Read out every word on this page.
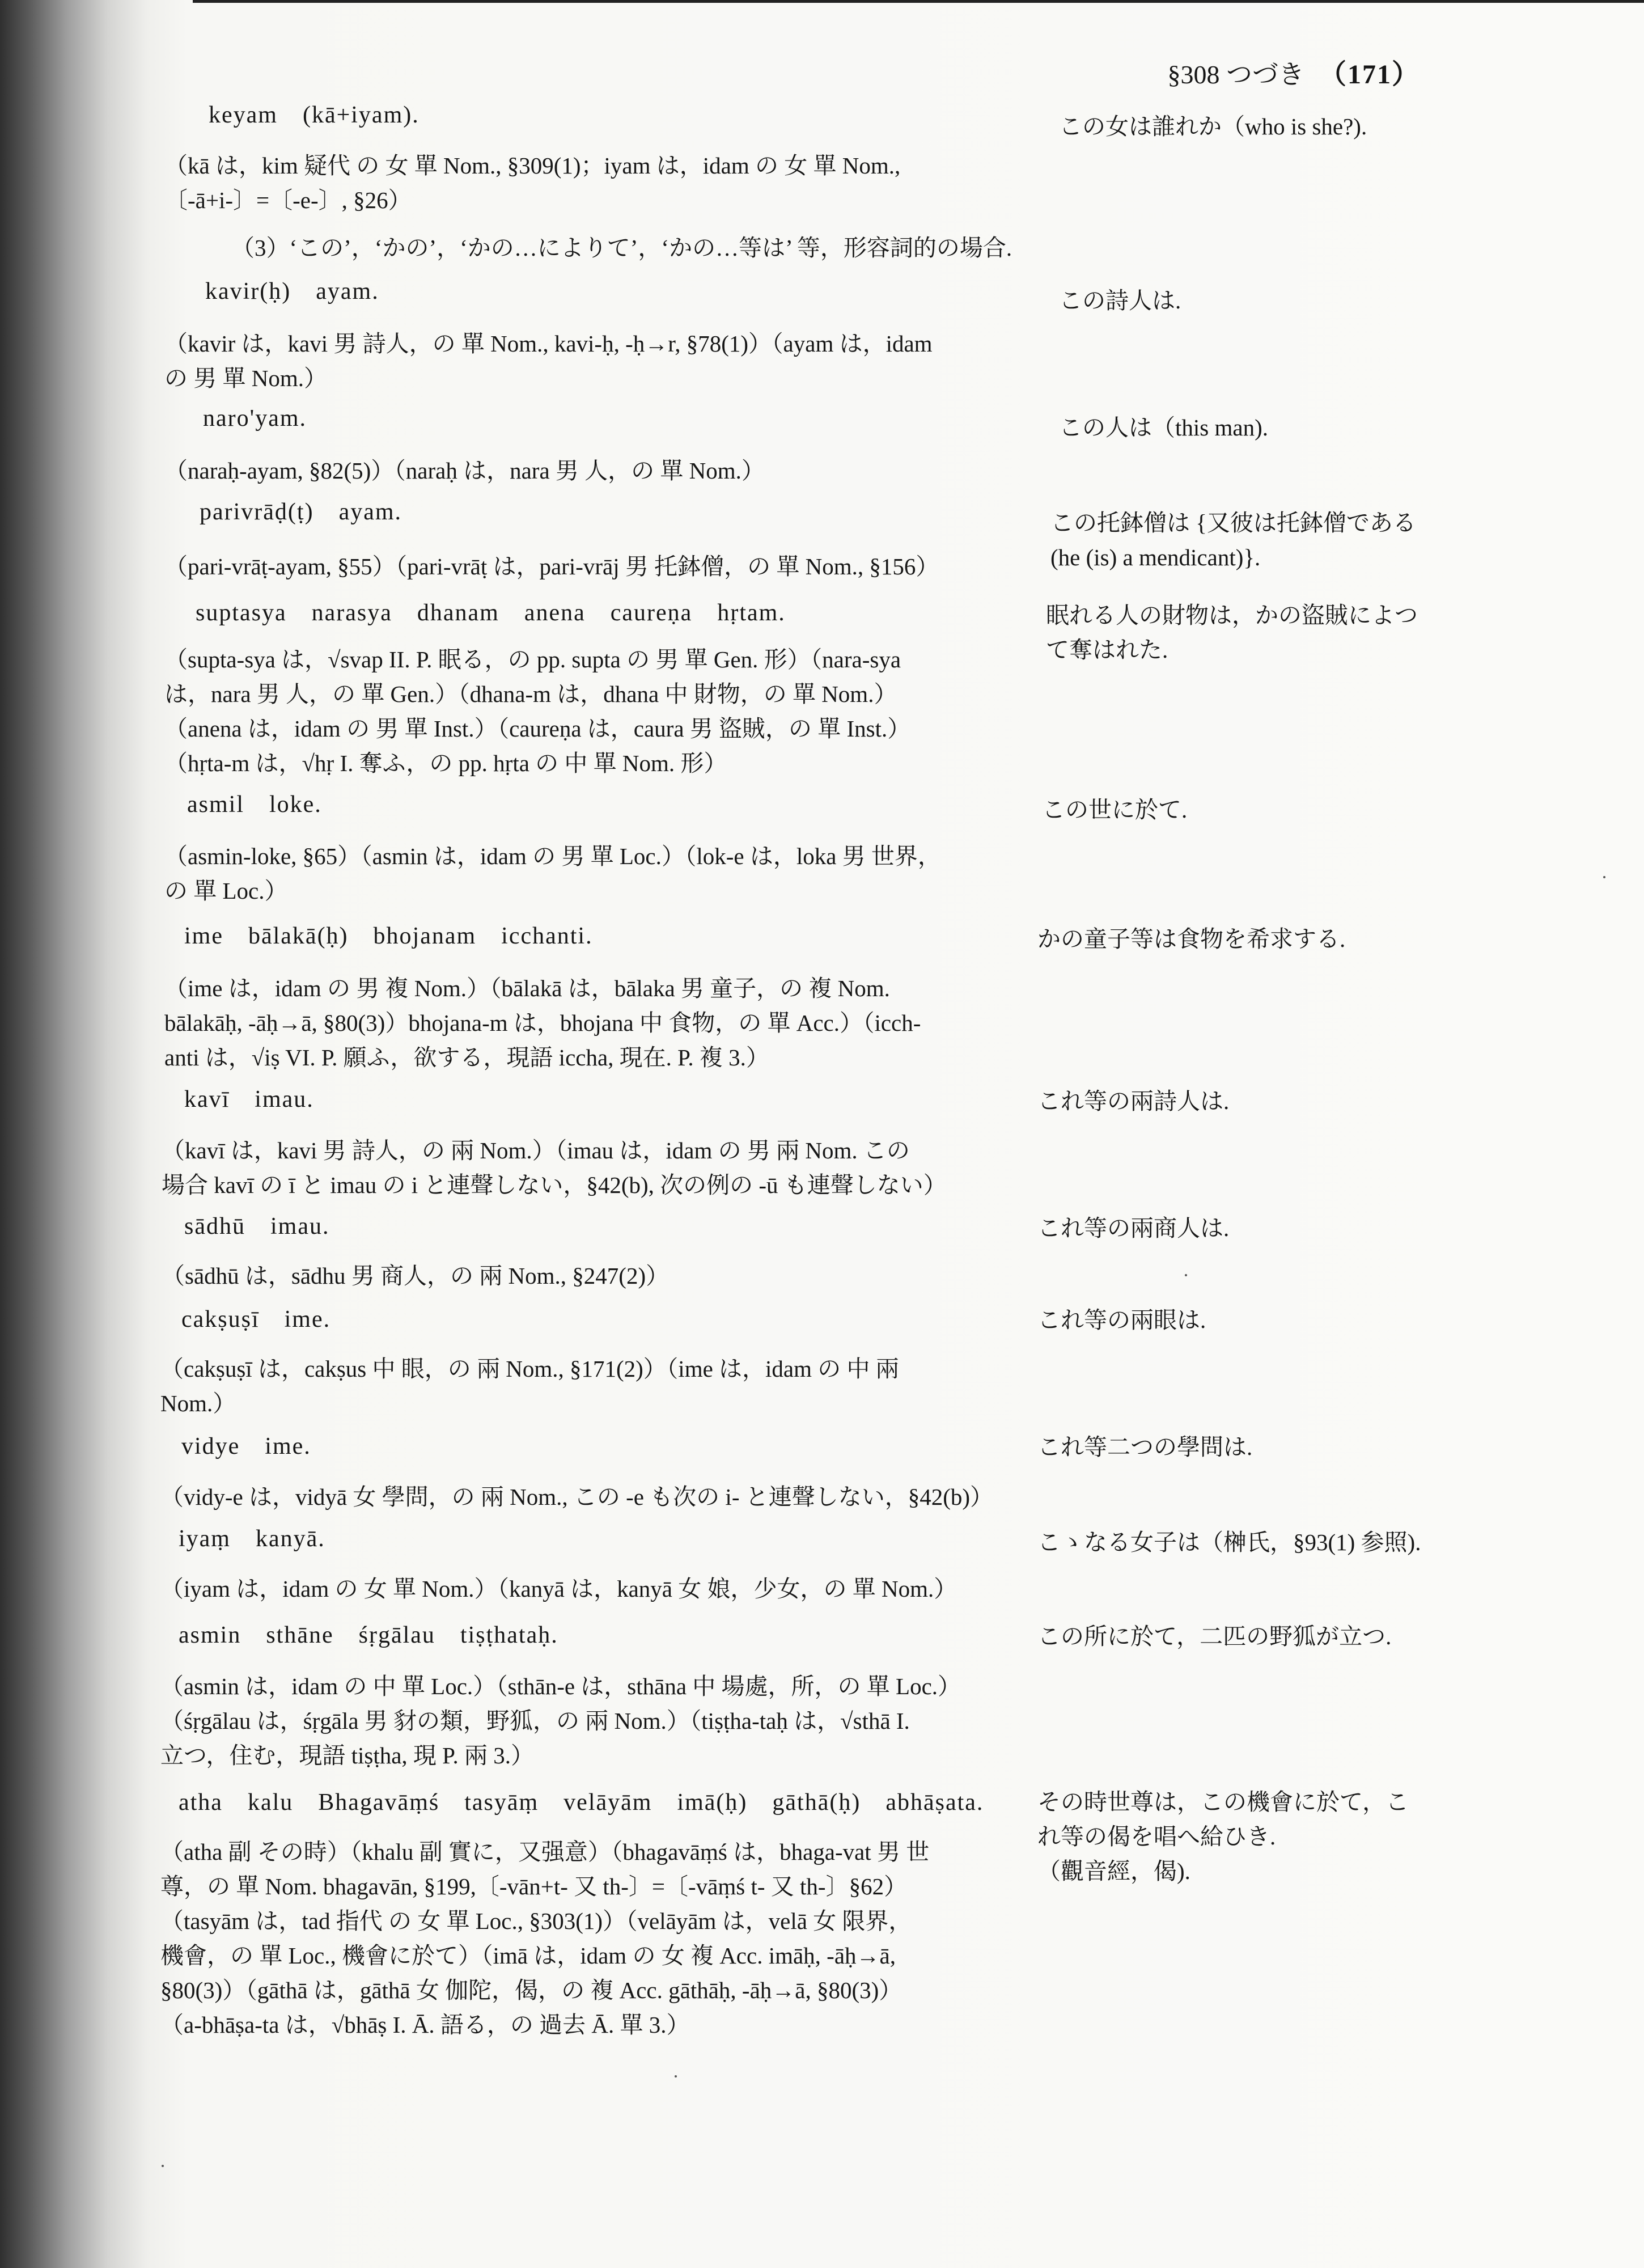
§308 つづき （171）
keyam　(kā+iyam).
（kā は，kim 疑代 の 女 單 Nom., §309(1)；iyam は，idam の 女 單 Nom.,
〔-ā+i-〕=〔-e-〕, §26）
この女は誰れか（who is she?).
（3）‘この’，‘かの’，‘かの…によりて’，‘かの…等は’ 等，形容詞的の場合.
kavir(ḥ)　ayam.
（kavir は，kavi 男 詩人，の 單 Nom., kavi-ḥ, -ḥ→r, §78(1)）（ayam は，idam
の 男 單 Nom.）
この詩人は.
naro'yam.
（naraḥ-ayam, §82(5)）（naraḥ は，nara 男 人，の 單 Nom.）
この人は（this man).
parivrāḍ(ṭ)　ayam.
（pari-vrāṭ-ayam, §55）（pari-vrāṭ は，pari-vrāj 男 托鉢僧，の 單 Nom., §156）
この托鉢僧は {又彼は托鉢僧である
(he (is) a mendicant)}.
suptasya　narasya　dhanam　anena　caureṇa　hṛtam.
（supta-sya は，√svap II. P. 眠る，の pp. supta の 男 單 Gen. 形）（nara-sya
は，nara 男 人，の 單 Gen.）（dhana-m は，dhana 中 財物，の 單 Nom.）
（anena は，idam の 男 單 Inst.）（caureṇa は，caura 男 盜賊，の 單 Inst.）
（hṛta-m は，√hṛ I. 奪ふ，の pp. hṛta の 中 單 Nom. 形）
眠れる人の財物は，かの盜賊によつ
て奪はれた.
asmil　loke.
（asmin-loke, §65）（asmin は，idam の 男 單 Loc.）（lok-e は，loka 男 世界，
の 單 Loc.）
この世に於て.
ime　bālakā(ḥ)　bhojanam　icchanti.
（ime は，idam の 男 複 Nom.）（bālakā は，bālaka 男 童子，の 複 Nom.
bālakāḥ, -āḥ→ā, §80(3)）bhojana-m は，bhojana 中 食物，の 單 Acc.）（icch-
anti は，√iṣ VI. P. 願ふ，欲する，現語 iccha, 現在. P. 複 3.）
かの童子等は食物を希求する.
kavī　imau.
（kavī は，kavi 男 詩人，の 兩 Nom.）（imau は，idam の 男 兩 Nom. この
場合 kavī の ī と imau の i と連聲しない，§42(b), 次の例の -ū も連聲しない）
これ等の兩詩人は.
sādhū　imau.
（sādhū は，sādhu 男 商人，の 兩 Nom., §247(2)）
これ等の兩商人は.
cakṣuṣī　ime.
（cakṣuṣī は，cakṣus 中 眼，の 兩 Nom., §171(2)）（ime は，idam の 中 兩
Nom.）
これ等の兩眼は.
vidye　ime.
（vidy-e は，vidyā 女 學問，の 兩 Nom., この -e も次の i- と連聲しない，§42(b)）
これ等二つの學問は.
iyaṃ　kanyā.
（iyam は，idam の 女 單 Nom.）（kanyā は，kanyā 女 娘，少女，の 單 Nom.）
こゝなる女子は（榊氏，§93(1) 参照).
asmin　sthāne　śṛgālau　tiṣṭhataḥ.
（asmin は，idam の 中 單 Loc.）（sthān-e は，sthāna 中 場處，所，の 單 Loc.）
（śṛgālau は，śṛgāla 男 豺の類，野狐，の 兩 Nom.）（tiṣṭha-taḥ は，√sthā I.
立つ，住む，現語 tiṣṭha, 現 P. 兩 3.）
この所に於て，二匹の野狐が立つ.
atha　kalu　Bhagavāṃś　tasyāṃ　velāyām　imā(ḥ)　gāthā(ḥ)　abhāṣata.
（atha 副 その時）（khalu 副 實に，又强意）（bhagavāṃś は，bhaga-vat 男 世
尊，の 單 Nom. bhagavān, §199,〔-vān+t- 又 th-〕=〔-vāṃś t- 又 th-〕§62）
（tasyām は，tad 指代 の 女 單 Loc., §303(1)）（velāyām は，velā 女 限界，
機會，の 單 Loc., 機會に於て）（imā は，idam の 女 複 Acc. imāḥ, -āḥ→ā,
§80(3)）（gāthā は，gāthā 女 伽陀，偈，の 複 Acc. gāthāḥ, -āḥ→ā, §80(3)）
（a-bhāṣa-ta は，√bhāṣ I. Ā. 語る，の 過去 Ā. 單 3.）
その時世尊は，この機會に於て，こ
れ等の偈を唱へ給ひき.
（觀音經，偈).
